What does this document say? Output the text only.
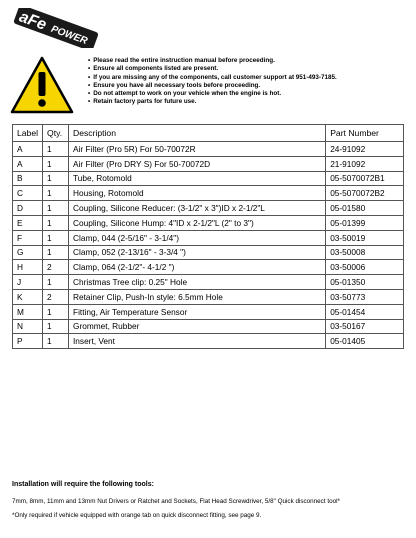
aFe
POWER
• Please read the entire instruction manual before proceeding.
• Ensure all components listed are present.
• If you are missing any of the components, call customer support at 951-493-7185.
• Ensure you have all necessary tools before proceeding.
• Do not attempt to work on your vehicle when the engine is hot.
• Retain factory parts for future use.
Label	Qty.	Description	Part Number
A	1	Air Filter (Pro 5R) For 50-70072R	24-91092
A	1	Air Filter (Pro DRY S) For 50-70072D	21-91092
B	1	Tube, Rotomold	05-5070072B1
C	1	Housing, Rotomold	05-5070072B2
D	1	Coupling, Silicone Reducer: (3-1/2" x 3")ID x 2-1/2"L	05-01580
E	1	Coupling, Silicone Hump: 4"ID x 2-1/2"L (2" to 3")	05-01399
F	1	Clamp, 044 (2-5/16" - 3-1/4")	03-50019
G	1	Clamp, 052 (2-13/16" - 3-3/4 ")	03-50008
H	2	Clamp, 064 (2-1/2"- 4-1/2 ")	03-50006
J	1	Christmas Tree clip: 0.25" Hole	05-01350
K	2	Retainer Clip, Push-In style: 6.5mm Hole	03-50773
M	1	Fitting, Air Temperature Sensor	05-01454
N	1	Grommet, Rubber	03-50167
P	1	Insert, Vent	05-01405
Installation will require the following tools:
7mm, 8mm, 11mm and 13mm Nut Drivers or Ratchet and Sockets, Flat Head Screwdriver, 5/8" Quick disconnect tool*
*Only required if vehicle equipped with orange tab on quick disconnect fitting, see page 9.
